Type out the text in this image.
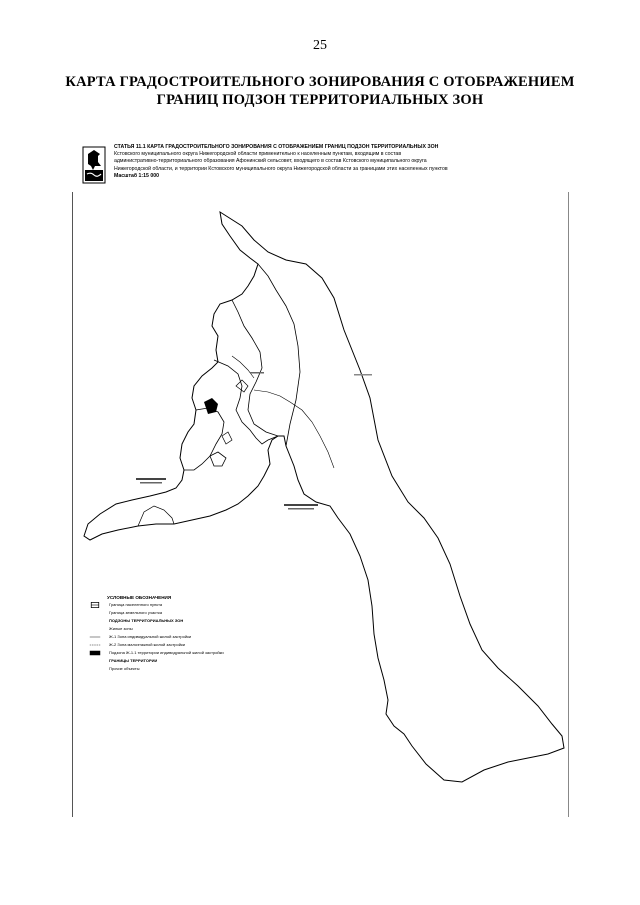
25
КАРТА ГРАДОСТРОИТЕЛЬНОГО ЗОНИРОВАНИЯ С ОТОБРАЖЕНИЕМ
ГРАНИЦ ПОДЗОН ТЕРРИТОРИАЛЬНЫХ ЗОН
СТАТЬЯ 11.1 КАРТА ГРАДОСТРОИТЕЛЬНОГО ЗОНИРОВАНИЯ С ОТОБРАЖЕНИЕМ ГРАНИЦ ПОДЗОН ТЕРРИТОРИАЛЬНЫХ ЗОН
Кстовского муниципального округа Нижегородской области применительно к населенным пунктам, входящим в состав
административно-территориального образования Афонинский сельсовет, входящего в состав Кстовского муниципального округа
Нижегородской области, и территории Кстовского муниципального округа Нижегородской области за границами этих населенных пунктов
Масштаб 1:15 000
УСЛОВНЫЕ ОБОЗНАЧЕНИЯ
Граница населенного пункта
Граница земельного участка
ПОДЗОНЫ ТЕРРИТОРИАЛЬНЫХ ЗОН
Жилые зоны
Ж-1 Зона индивидуальной жилой застройки
Ж-2 Зона малоэтажной жилой застройки
Подзона Ж-1.1 территории индивидуальной жилой застройки
ГРАНИЦЫ ТЕРРИТОРИИ
Прочие объекты
